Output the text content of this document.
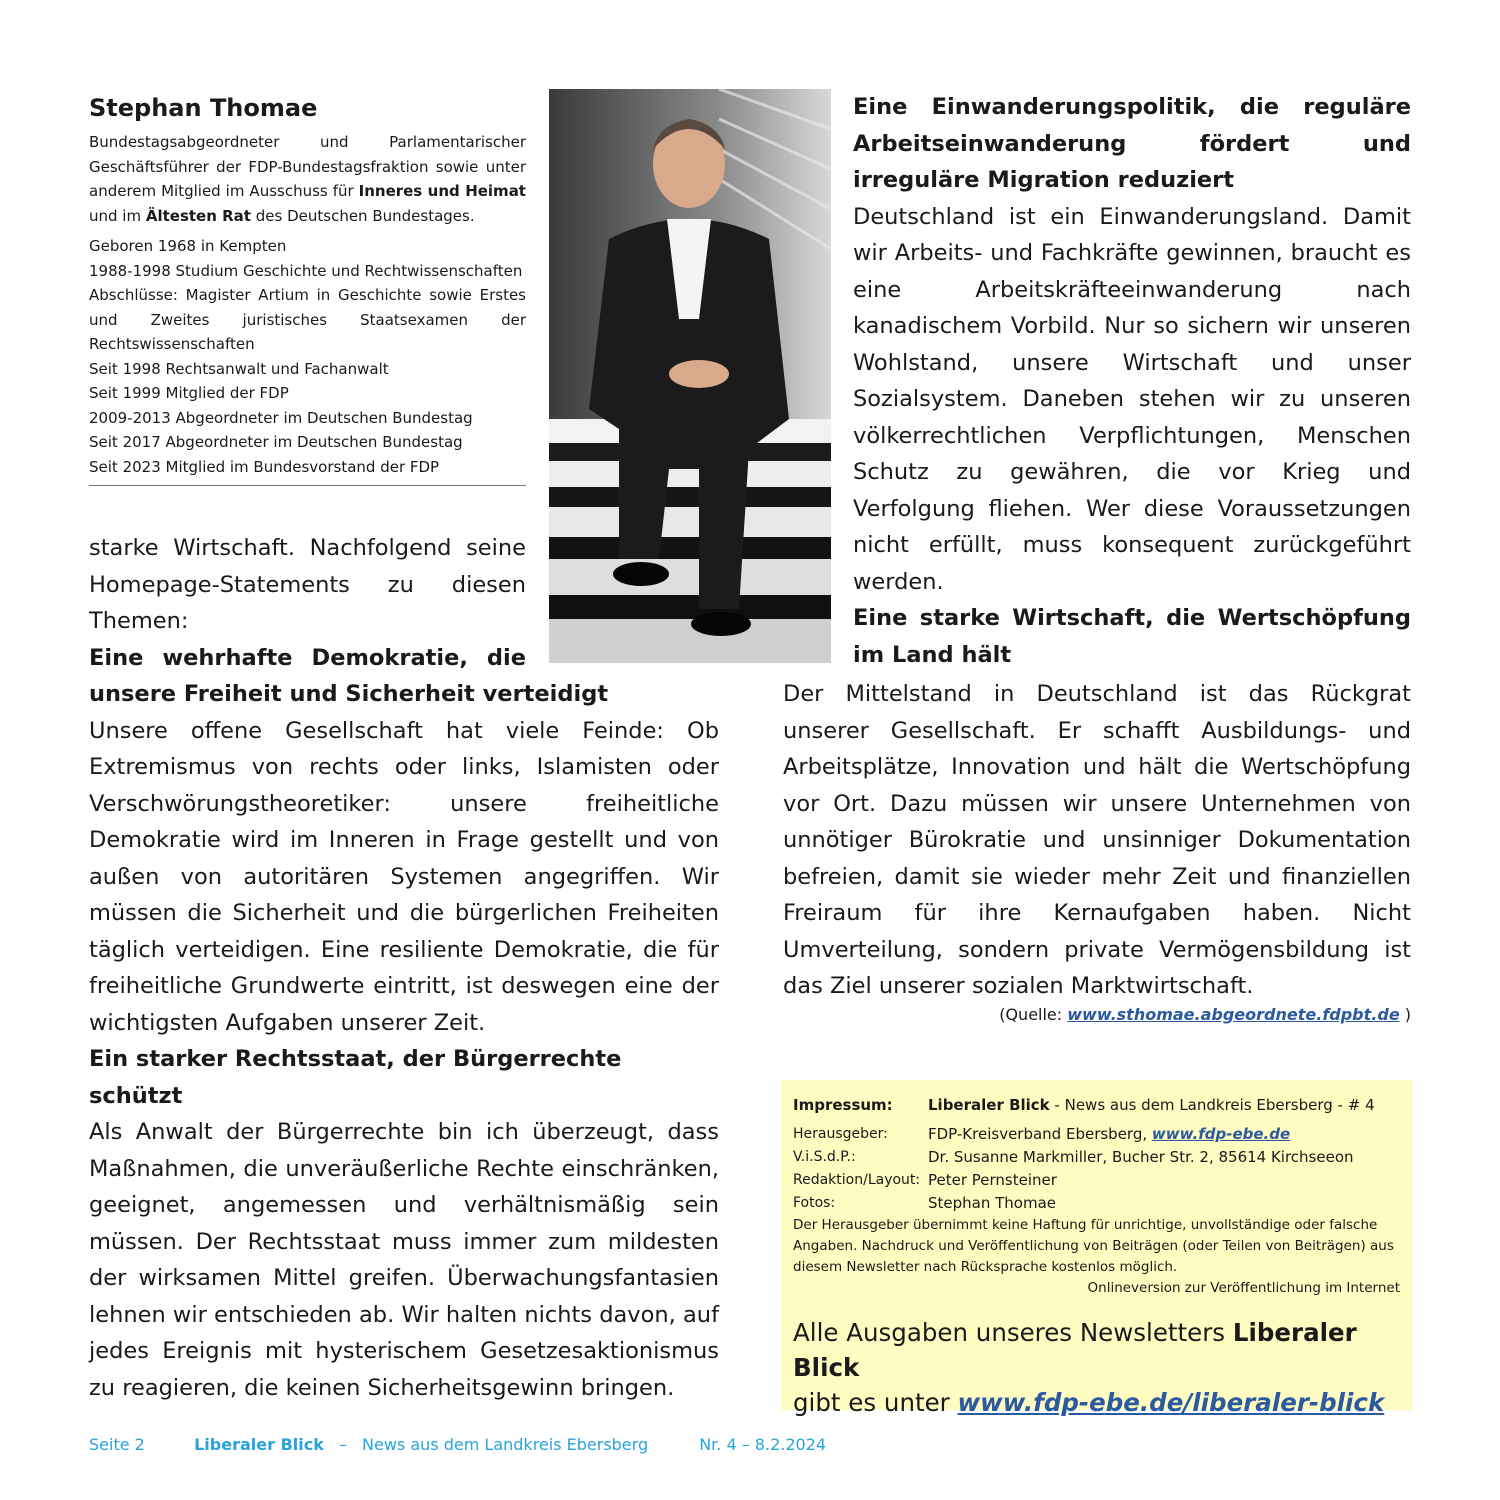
Stephan Thomae
Bundestagsabgeordneter und Parlamentarischer Geschäftsführer der FDP-Bundestagsfraktion sowie unter anderem Mitglied im Ausschuss für Inneres und Heimat und im Ältesten Rat des Deutschen Bundestages.
Geboren 1968 in Kempten
1988-1998 Studium Geschichte und Rechtwissenschaften
Abschlüsse: Magister Artium in Geschichte sowie Erstes und Zweites juristisches Staatsexamen der Rechtswissenschaften
Seit 1998 Rechtsanwalt und Fachanwalt
Seit 1999 Mitglied der FDP
2009-2013 Abgeordneter im Deutschen Bundestag
Seit 2017 Abgeordneter im Deutschen Bundestag
Seit 2023 Mitglied im Bundesvorstand der FDP
starke Wirtschaft. Nachfolgend seine Homepage-Statements zu diesen Themen:
Eine wehrhafte Demokratie, die
unsere Freiheit und Sicherheit verteidigt
Unsere offene Gesellschaft hat viele Feinde: Ob Extremismus von rechts oder links, Islamisten oder Verschwörungstheoretiker: unsere freiheitliche Demokratie wird im Inneren in Frage gestellt und von außen von autoritären Systemen angegriffen. Wir müssen die Sicherheit und die bürgerlichen Freiheiten täglich verteidigen. Eine resiliente Demokratie, die für freiheitliche Grundwerte eintritt, ist deswegen eine der wichtigsten Aufgaben unserer Zeit.
Ein starker Rechtsstaat, der Bürgerrechte schützt
Als Anwalt der Bürgerrechte bin ich überzeugt, dass Maßnahmen, die unveräußerliche Rechte einschränken, geeignet, angemessen und verhältnismäßig sein müssen. Der Rechtsstaat muss immer zum mildesten der wirksamen Mittel greifen. Überwachungsfantasien lehnen wir entschieden ab. Wir halten nichts davon, auf jedes Ereignis mit hysterischem Gesetzesaktionismus zu reagieren, die keinen Sicherheitsgewinn bringen.
Eine Einwanderungspolitik, die reguläre Arbeitseinwanderung fördert und irreguläre Migration reduziert
Deutschland ist ein Einwanderungsland. Damit wir Arbeits- und Fachkräfte gewinnen, braucht es eine Arbeitskräfteeinwanderung nach kanadischem Vorbild. Nur so sichern wir unseren Wohlstand, unsere Wirtschaft und unser Sozialsystem. Daneben stehen wir zu unseren völkerrechtlichen Verpflichtungen, Menschen Schutz zu gewähren, die vor Krieg und Verfolgung fliehen. Wer diese Voraussetzungen nicht erfüllt, muss konsequent zurückgeführt werden.
Eine starke Wirtschaft, die Wertschöpfung im Land hält
Der Mittelstand in Deutschland ist das Rückgrat unserer Gesellschaft. Er schafft Ausbildungs- und Arbeitsplätze, Innovation und hält die Wertschöpfung vor Ort. Dazu müssen wir unsere Unternehmen von unnötiger Bürokratie und unsinniger Dokumentation befreien, damit sie wieder mehr Zeit und finanziellen Freiraum für ihre Kernaufgaben haben. Nicht Umverteilung, sondern private Vermögensbildung ist das Ziel unserer sozialen Marktwirtschaft.
(Quelle: www.sthomae.abgeordnete.fdpbt.de )
Impressum:	Liberaler Blick - News aus dem Landkreis Ebersberg - # 4
Herausgeber:	FDP-Kreisverband Ebersberg, www.fdp-ebe.de
V.i.S.d.P.:	Dr. Susanne Markmiller, Bucher Str. 2, 85614 Kirchseeon
Redaktion/Layout: Peter Pernsteiner
Fotos:	Stephan Thomae
Der Herausgeber übernimmt keine Haftung für unrichtige, unvollständige oder falsche Angaben. Nachdruck und Veröffentlichung von Beiträgen (oder Teilen von Beiträgen) aus diesem Newsletter nach Rücksprache kostenlos möglich.
Onlineversion zur Veröffentlichung im Internet
Alle Ausgaben unseres Newsletters Liberaler Blick
gibt es unter www.fdp-ebe.de/liberaler-blick
Seite 2	Liberaler Blick – News aus dem Landkreis Ebersberg	Nr. 4 – 8.2.2024
